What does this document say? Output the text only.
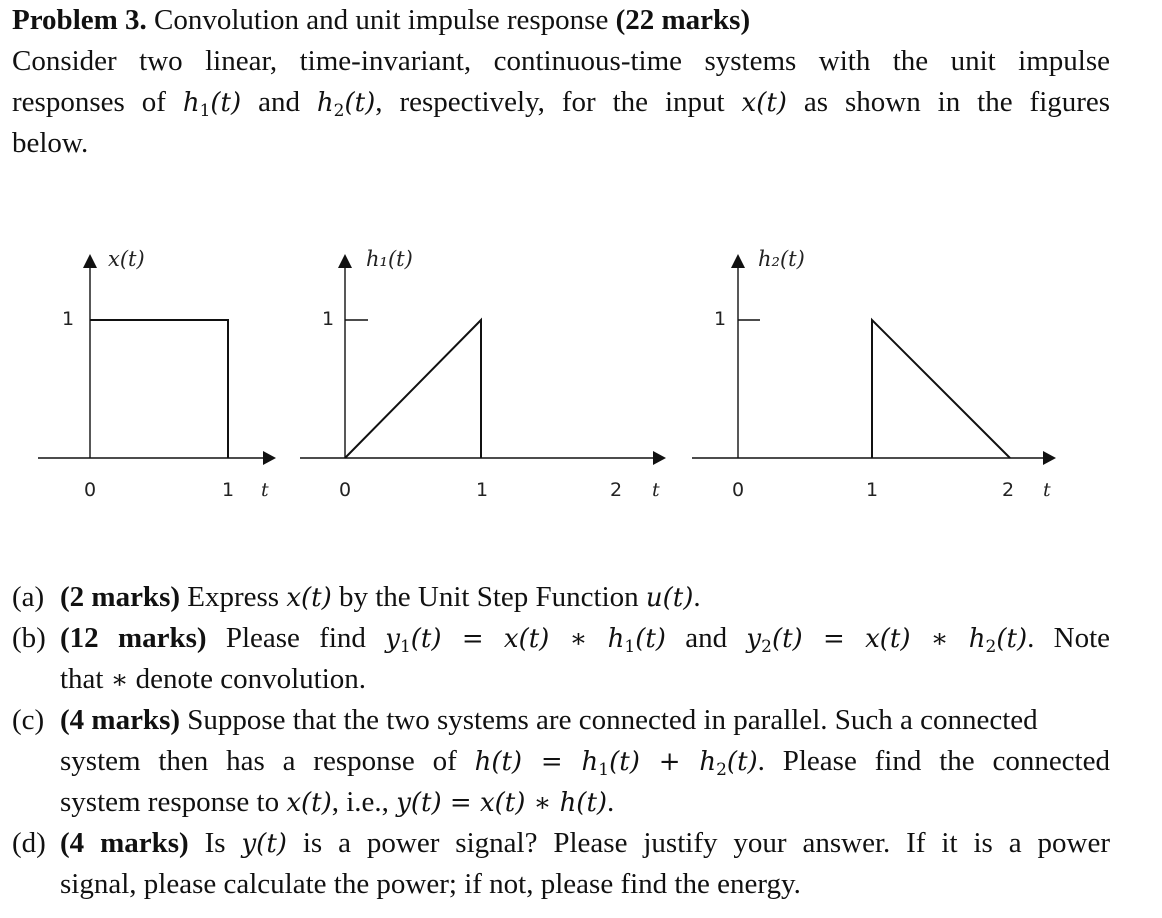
Problem 3. Convolution and unit impulse response (22 marks)
Consider two linear, time-invariant, continuous-time systems with the unit impulse
responses of $h_1(t)$ and $h_2(t)$, respectively, for the input x(t) as shown in the figures
below.
x(t)
1
0	1 t
h₁(t)
1
0	1	2 t
h₂(t)
1
0	1	2 t
(a) (2 marks) Express x(t) by the Unit Step Function u(t).
(b) (12 marks) Please find $y_1(t) = x(t)$ ∗ $h_1(t)$ and $y_2(t) = x(t)$ ∗ $h_2(t)$. Note
that ∗ denote convolution.
(c) (4 marks) Suppose that the two systems are connected in parallel. Such a connected
system then has a response of $h(t) = h_1(t) + h_2(t)$. Please find the connected
system response to x(t), i.e., y(t) = x(t) ∗ h(t).
(d) (4 marks) Is y(t) is a power signal? Please justify your answer. If it is a power
signal, please calculate the power; if not, please find the energy.
